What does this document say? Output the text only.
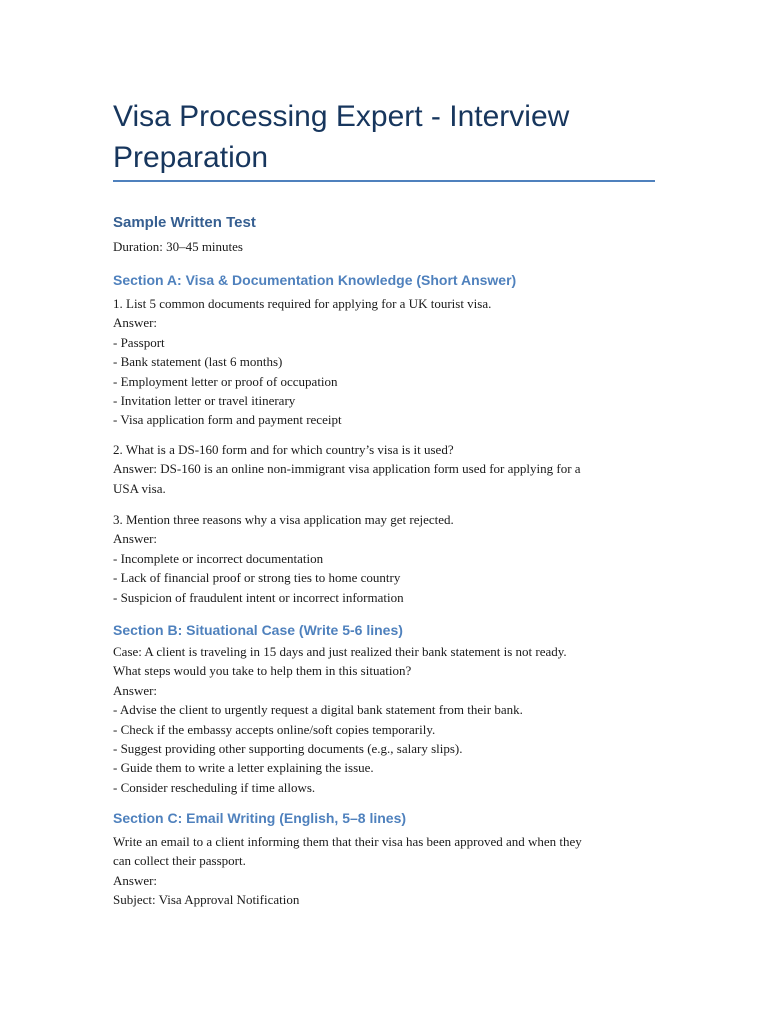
Visa Processing Expert - Interview Preparation
Sample Written Test
Duration: 30–45 minutes
Section A: Visa & Documentation Knowledge (Short Answer)
1. List 5 common documents required for applying for a UK tourist visa.
Answer:
- Passport
- Bank statement (last 6 months)
- Employment letter or proof of occupation
- Invitation letter or travel itinerary
- Visa application form and payment receipt
2. What is a DS-160 form and for which country’s visa is it used?
Answer: DS-160 is an online non-immigrant visa application form used for applying for a
USA visa.
3. Mention three reasons why a visa application may get rejected.
Answer:
- Incomplete or incorrect documentation
- Lack of financial proof or strong ties to home country
- Suspicion of fraudulent intent or incorrect information
Section B: Situational Case (Write 5-6 lines)
Case: A client is traveling in 15 days and just realized their bank statement is not ready.
What steps would you take to help them in this situation?
Answer:
- Advise the client to urgently request a digital bank statement from their bank.
- Check if the embassy accepts online/soft copies temporarily.
- Suggest providing other supporting documents (e.g., salary slips).
- Guide them to write a letter explaining the issue.
- Consider rescheduling if time allows.
Section C: Email Writing (English, 5–8 lines)
Write an email to a client informing them that their visa has been approved and when they
can collect their passport.
Answer:
Subject: Visa Approval Notification
